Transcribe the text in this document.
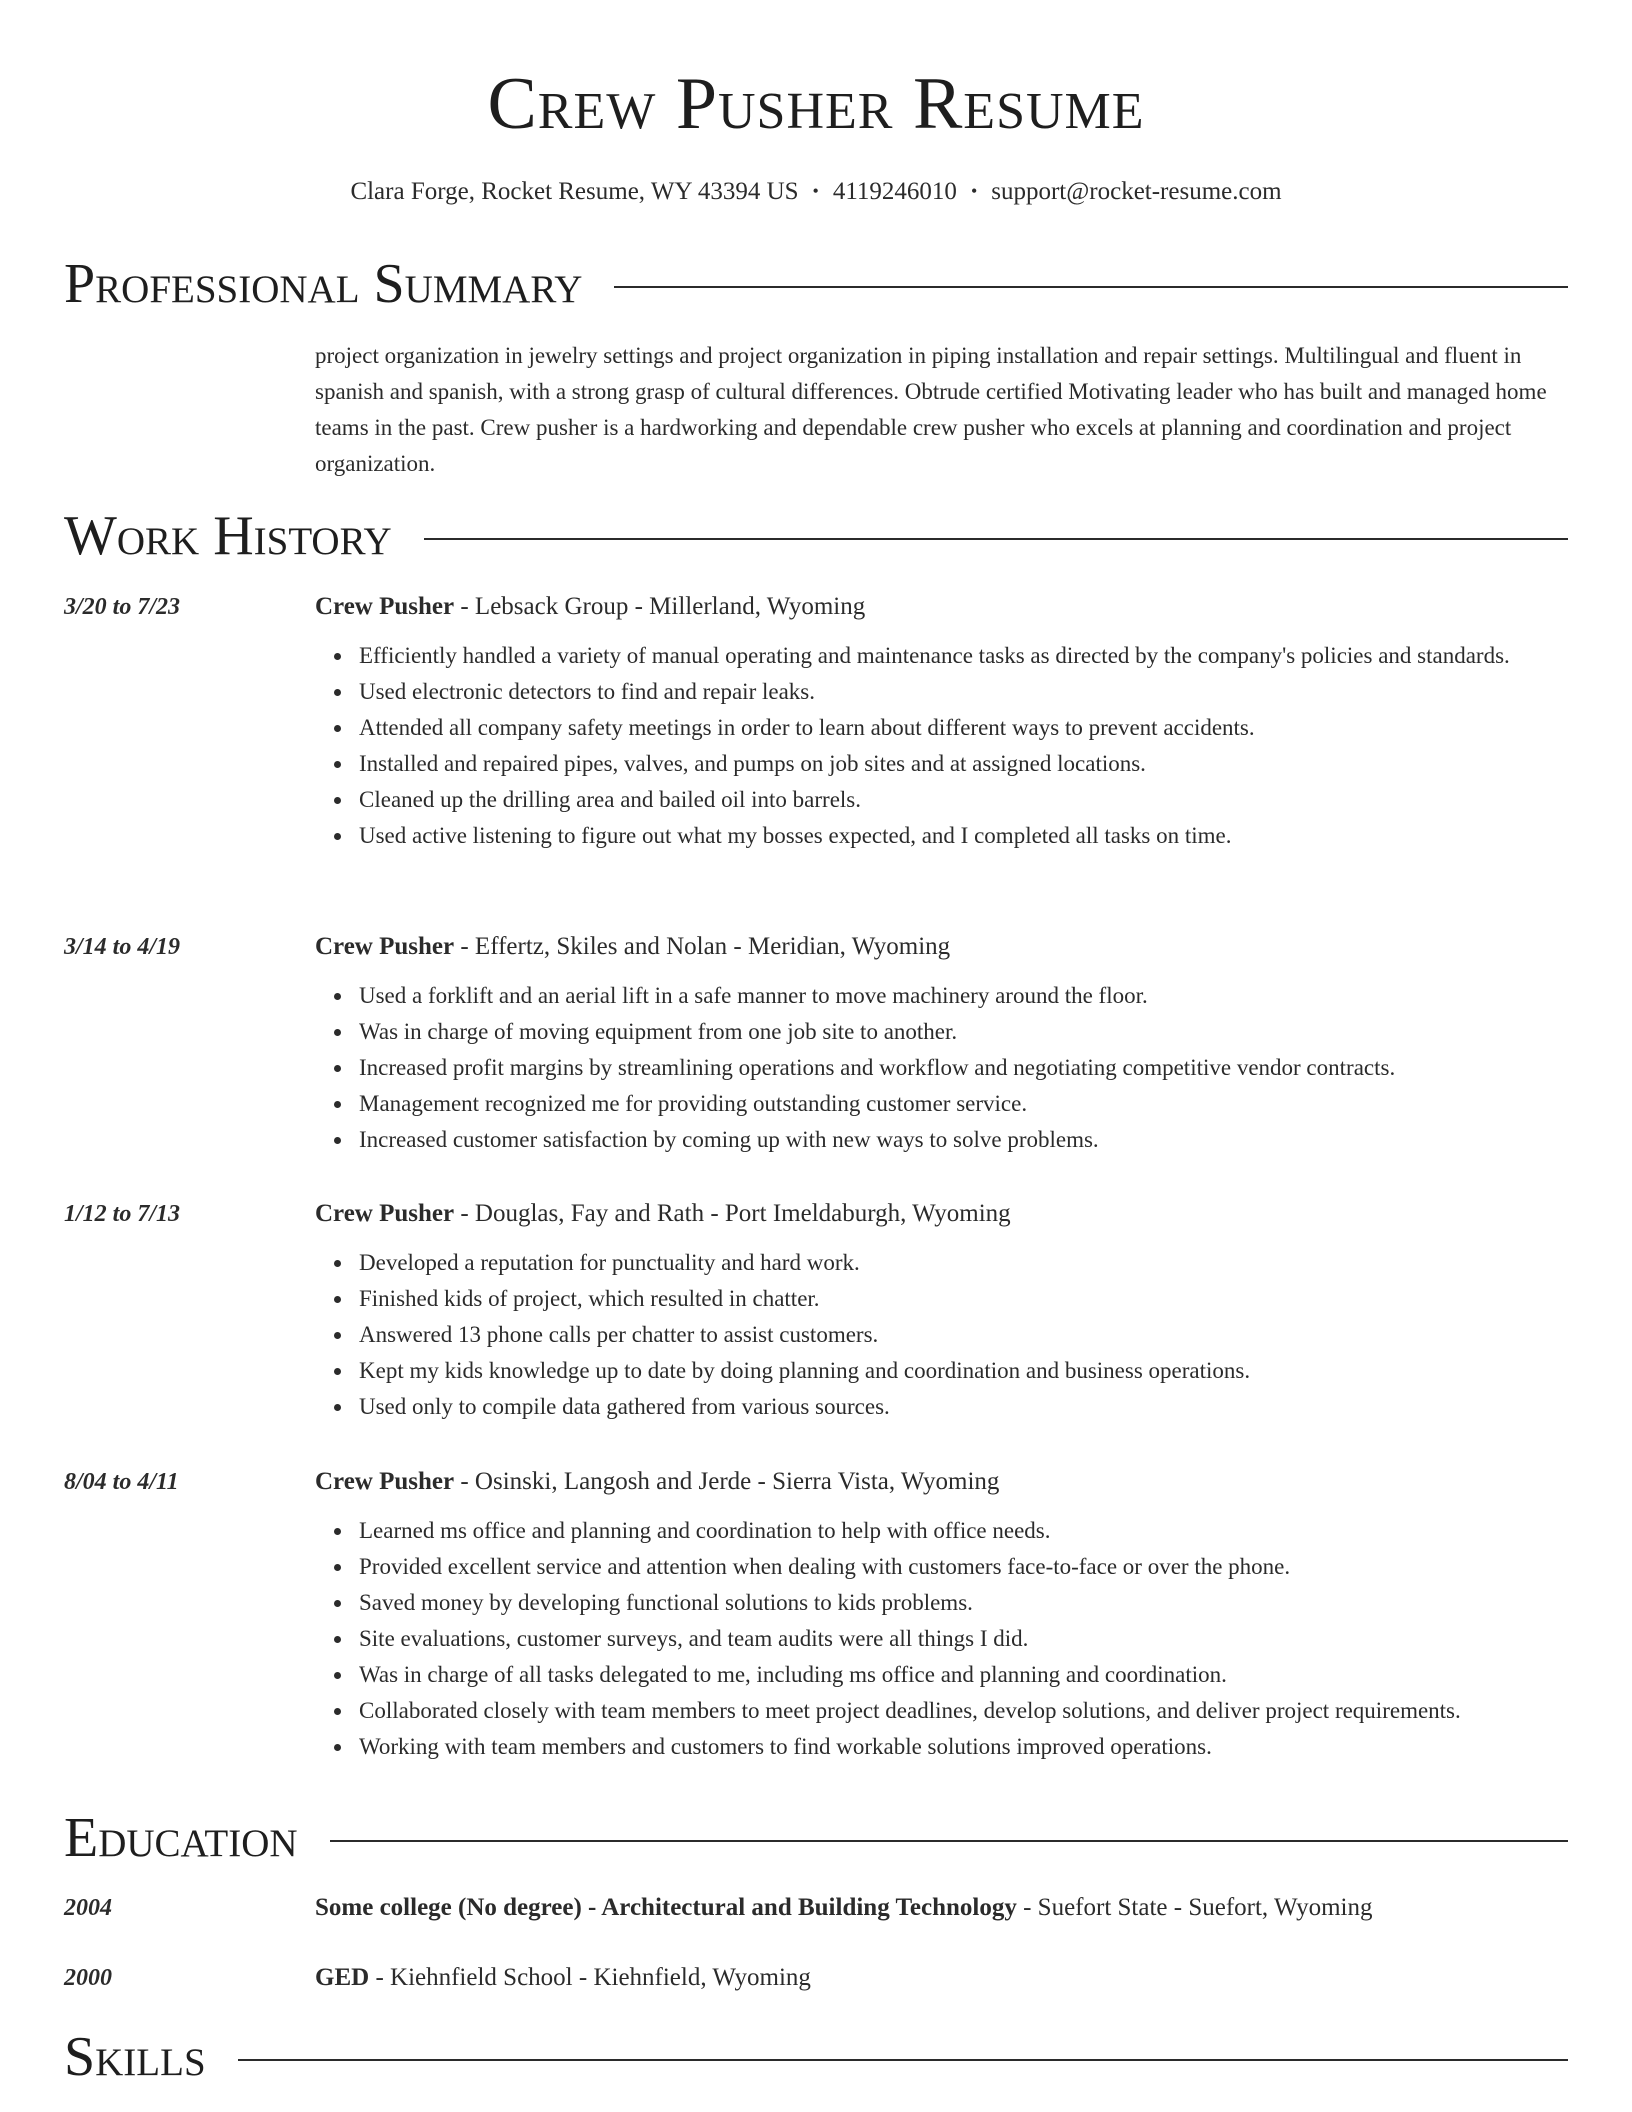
Crew Pusher Resume
Clara Forge, Rocket Resume, WY 43394 US • 4119246010 • support@rocket-resume.com
Professional Summary

project organization in jewelry settings and project organization in piping installation and repair settings. Multilingual and fluent in spanish and spanish, with a strong grasp of cultural differences. Obtrude certified Motivating leader who has built and managed home teams in the past. Crew pusher is a hardworking and dependable crew pusher who excels at planning and coordination and project organization.

Work History
3/20 to 7/23	Crew Pusher - Lebsack Group - Millerland, Wyoming
Efficiently handled a variety of manual operating and maintenance tasks as directed by the company's policies and standards.
Used electronic detectors to find and repair leaks.
Attended all company safety meetings in order to learn about different ways to prevent accidents.
Installed and repaired pipes, valves, and pumps on job sites and at assigned locations.
Cleaned up the drilling area and bailed oil into barrels.
Used active listening to figure out what my bosses expected, and I completed all tasks on time.
3/14 to 4/19	Crew Pusher - Effertz, Skiles and Nolan - Meridian, Wyoming
Used a forklift and an aerial lift in a safe manner to move machinery around the floor.
Was in charge of moving equipment from one job site to another.
Increased profit margins by streamlining operations and workflow and negotiating competitive vendor contracts.
Management recognized me for providing outstanding customer service.
Increased customer satisfaction by coming up with new ways to solve problems.
1/12 to 7/13	Crew Pusher - Douglas, Fay and Rath - Port Imeldaburgh, Wyoming
Developed a reputation for punctuality and hard work.
Finished kids of project, which resulted in chatter.
Answered 13 phone calls per chatter to assist customers.
Kept my kids knowledge up to date by doing planning and coordination and business operations.
Used only to compile data gathered from various sources.
8/04 to 4/11	Crew Pusher - Osinski, Langosh and Jerde - Sierra Vista, Wyoming
Learned ms office and planning and coordination to help with office needs.
Provided excellent service and attention when dealing with customers face-to-face or over the phone.
Saved money by developing functional solutions to kids problems.
Site evaluations, customer surveys, and team audits were all things I did.
Was in charge of all tasks delegated to me, including ms office and planning and coordination.
Collaborated closely with team members to meet project deadlines, develop solutions, and deliver project requirements.
Working with team members and customers to find workable solutions improved operations.
Education
2004	Some college (No degree) - Architectural and Building Technology - Suefort State - Suefort, Wyoming
2000	GED - Kiehnfield School - Kiehnfield, Wyoming
Skills
